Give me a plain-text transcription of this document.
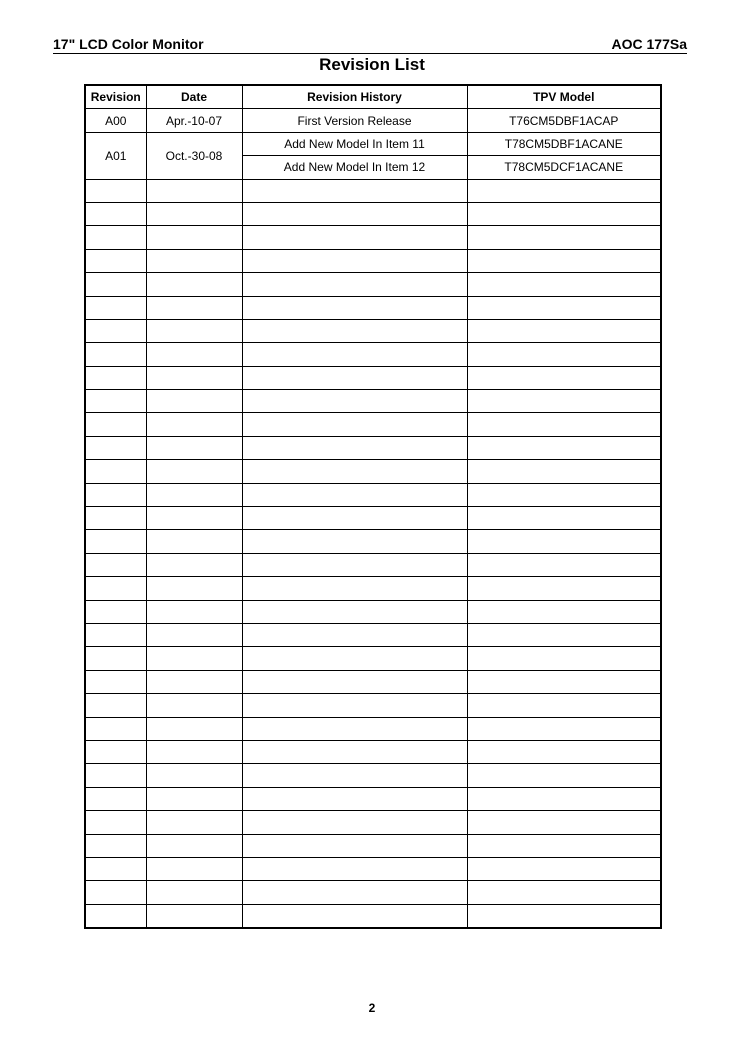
17" LCD Color Monitor	AOC 177Sa
Revision List
Revision	Date	Revision History	TPV Model
A00	Apr.-10-07	First Version Release	T76CM5DBF1ACAP
A01	Oct.-30-08	Add New Model In Item 11	T78CM5DBF1ACANE
		Add New Model In Item 12	T78CM5DCF1ACANE

2
